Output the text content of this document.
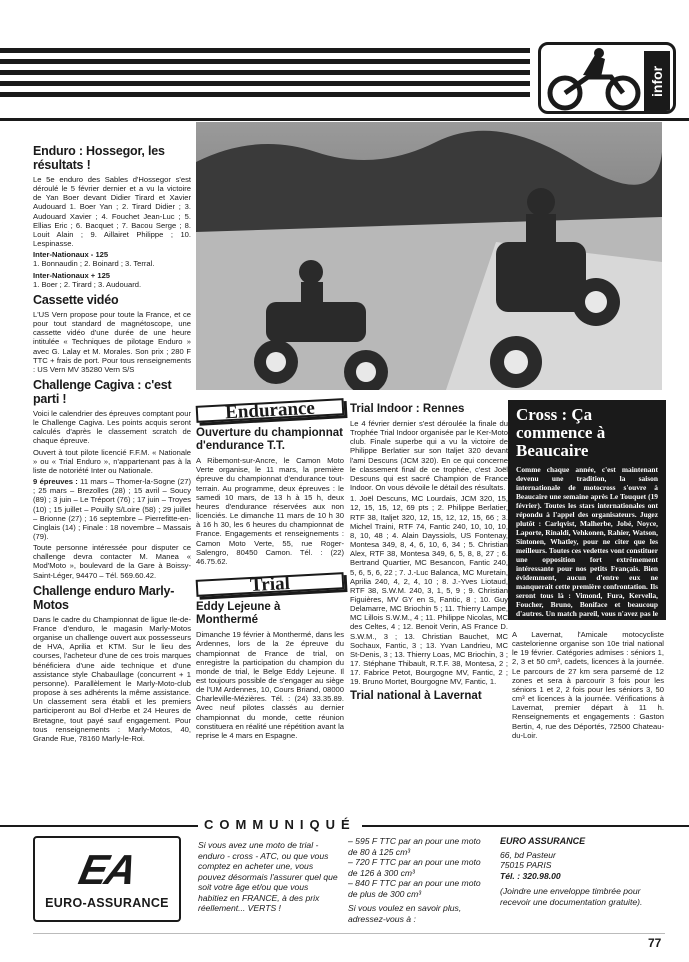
infor
Enduro : Hossegor, les résultats !

Le 5e enduro des Sables d'Hossegor s'est déroulé le 5 février dernier et a vu la victoire de Yan Boer devant Didier Tirard et Xavier Audouard 1. Boer Yan ; 2. Tirard Didier ; 3. Audouard Xavier ; 4. Fouchet Jean-Luc ; 5. Ellias Eric ; 6. Bacquet ; 7. Bacou Serge ; 8. Louit Alain ; 9. Aillairet Philippe ; 10. Lespinasse.

Inter-Nationaux - 125

1. Bonnaudin ; 2. Boinard ; 3. Terral.

Inter-Nationaux + 125

1. Boer ; 2. Tirard ; 3. Audouard.

Cassette vidéo

L'US Vern propose pour toute la France, et ce pour tout standard de magnétoscope, une cassette vidéo d'une durée de une heure intitulée « Techniques de pilotage Enduro » avec G. Lalay et M. Morales. Son prix ; 280 F TTC + frais de port. Pour tous renseignements : US Vern MV 35280 Vern S/S

Challenge Cagiva : c'est parti !

Voici le calendrier des épreuves comptant pour le Challenge Cagiva. Les points acquis seront calculés d'après le classement scratch de chaque épreuve.

Ouvert à tout pilote licencié F.F.M. « Nationale » ou « Trial Enduro », n'appartenant pas à la liste de notoriété Inter ou Nationale.

9 épreuves : 11 mars – Thomer-la-Sogne (27) ; 25 mars – Brezolles (28) ; 15 avril – Soucy (89) ; 3 juin – Le Tréport (76) ; 17 juin – Troyes (10) ; 15 juillet – Pouilly S/Loire (58) ; 29 juillet – Brionne (27) ; 16 septembre – Pierrefitte-en-Cinglais (14) ; Finale : 18 novembre – Massais (79).

Toute personne intéressée pour disputer ce challenge devra contacter M. Manea « Mod'Moto », boulevard de la Gare à Boissy-Saint-Léger, 94470 – Tél. 569.60.42.

Challenge enduro Marly-Motos

Dans le cadre du Championnat de ligue Ile-de-France d'enduro, le magasin Marly-Motos organise un challenge ouvert aux possesseurs de HVA, Aprilia et KTM. Sur le lieu des courses, l'acheteur d'une de ces trois marques bénéficiera d'une aide technique et d'une assistance style Chabaullage (concurrent + 1 personne). Parallèlement le Marly-Moto-club propose à ses adhérents la même assistance. Un classement sera établi et les premiers participeront au Bol d'Herbe et 24 Heures de Bretagne, tout payé sauf engagement. Pour tous renseignements : Marly-Motos, 40, Grande Rue, 78160 Marly-le-Roi.

Endurance
Ouverture du championnat d'endurance T.T.

A Ribemont-sur-Ancre, le Camon Moto Verte organise, le 11 mars, la première épreuve du championnat d'endurance tout-terrain. Au programme, deux épreuves : le samedi 10 mars, de 13 h à 15 h, deux heures d'endurance réservées aux non licenciés. Le dimanche 11 mars de 10 h 30 à 16 h 30, les 6 heures du championnat de France. Engagements et renseignements : Camon Moto Verte, 55, rue Roger-Salengro, 80450 Camon. Tél. : (22) 46.75.62.

Trial
Eddy Lejeune à Monthermé

Dimanche 19 février à Monthermé, dans les Ardennes, lors de la 2e épreuve du championnat de France de trial, on enregistre la participation du champion du monde de trial, le Belge Eddy Lejeune. Il est toujours possible de s'engager au siège de l'UM Ardennes, 10, Cours Briand, 08000 Charleville-Mézières. Tél. : (24) 33.35.89. Avec neuf pilotes classés au dernier championnat du monde, cette réunion constituera en réalité une répétition avant la reprise le 4 mars en Espagne.

Trial Indoor : Rennes

Le 4 février dernier s'est déroulée la finale du Trophée Trial Indoor organisée par le Ker-Moto club. Finale superbe qui a vu la victoire de Philippe Berlatier sur son Italjet 320 devant l'ami Descuns (JCM 320). En ce qui concerne le classement final de ce trophée, c'est Joël Descuns qui est sacré Champion de France Indoor. On vous dévoile le détail des résultats.

1. Joël Descuns, MC Lourdais, JCM 320, 15, 12, 15, 15, 12, 69 pts ; 2. Philippe Berlatier, RTF 38, Italjet 320, 12, 15, 12, 12, 15, 66 ; 3. Michel Traini, RTF 74, Fantic 240, 10, 10, 10, 8, 10, 48 ; 4. Alain Dayssiols, US Fontenay, Montesa 349, 8, 4, 6, 10, 6, 34 ; 5. Christian Alex, RTF 38, Montesa 349, 6, 5, 8, 8, 27 ; 6. Bertrand Quartier, MC Besancon, Fantic 240, 5, 6, 5, 6, 22 ; 7. J.-Luc Balanca, MC Muretain, Aprilia 240, 4, 2, 4, 10 ; 8. J.-Yves Liotaud, RTF 38, S.W.M. 240, 3, 1, 5, 9 ; 9. Christian Figuières, MV GY en S, Fantic, 8 ; 10. Guy Delamarre, MC Briochin 5 ; 11. Thierry Lampe, MC Lillois S.W.M., 4 ; 11. Philippe Nicolas, MC des Celtes, 4 ; 12. Benoit Verin, AS France D. S.W.M., 3 ; 13. Christian Bauchet, MC Sochaux, Fantic, 3 ; 13. Yvan Landrieu, MC St-Denis, 3 ; 13. Thierry Loas, MC Briochin, 3 ; 17. Stéphane Thibault, R.T.F. 38, Montesa, 2 ; 17. Fabrice Petot, Bourgogne MV, Fantic, 2 ; 19. Bruno Mortet, Bourgogne MV, Fantic, 1.

Trial national à Lavernat
Cross : Ça commence à Beaucaire
Comme chaque année, c'est maintenant devenu une tradition, la saison internationale de motocross s'ouvre à Beaucaire une semaine après Le Touquet (19 février). Toutes les stars internationales ont répondu à l'appel des organisateurs. Jugez plutôt : Carlqvist, Malherbe, Jobé, Noyce, Laporte, Rinaldi, Vehkonen, Rahier, Watson, Sintonen, Whatley, pour ne citer que les meilleurs. Toutes ces vedettes vont constituer une opposition fort extrêmement intéressante pour nos petits Français. Bien évidemment, aucun d'entre eux ne manquerait cette première confrontation. Ils seront tous là : Vimond, Fura, Kervella, Foucher, Bruno, Boniface et beaucoup d'autres. Un match pareil, vous n'avez pas le droit de ne pas y assister !

A Lavernat, l'Amicale motocycliste castelorienne organise son 10e trial national le 19 février. Catégories admises : séniors 1, 2, 3 et 50 cm³, cadets, licences à la journée. Le parcours de 27 km sera parsemé de 12 zones et sera à parcourir 3 fois pour les séniors 1 et 2, 2 fois pour les séniors 3, 50 cm³ et licences à la journée. Vérifications à Lavernat, premier départ à 11 h. Renseignements et engagements : Gaston Bertin, 4, rue des Déportés, 72500 Chateau-du-Loir.

COMMUNIQUÉ
EA
EURO-ASSURANCE
Si vous avez une moto de trial - enduro - cross - ATC, ou que vous comptez en acheter une, vous pouvez désormais l'assurer quel que soit votre âge et/ou que vous habitiez en FRANCE, à des prix réellement... VERTS !
– 595 F TTC par an pour une moto de 80 à 125 cm³
– 720 F TTC par an pour une moto de 126 à 300 cm³
– 840 F TTC par an pour une moto de plus de 300 cm³
Si vous voulez en savoir plus, adressez-vous à :
EURO ASSURANCE
66, bd Pasteur
75015 PARIS
Tél. : 320.98.00
(Joindre une enveloppe timbrée pour recevoir une documentation gratuite).
77
